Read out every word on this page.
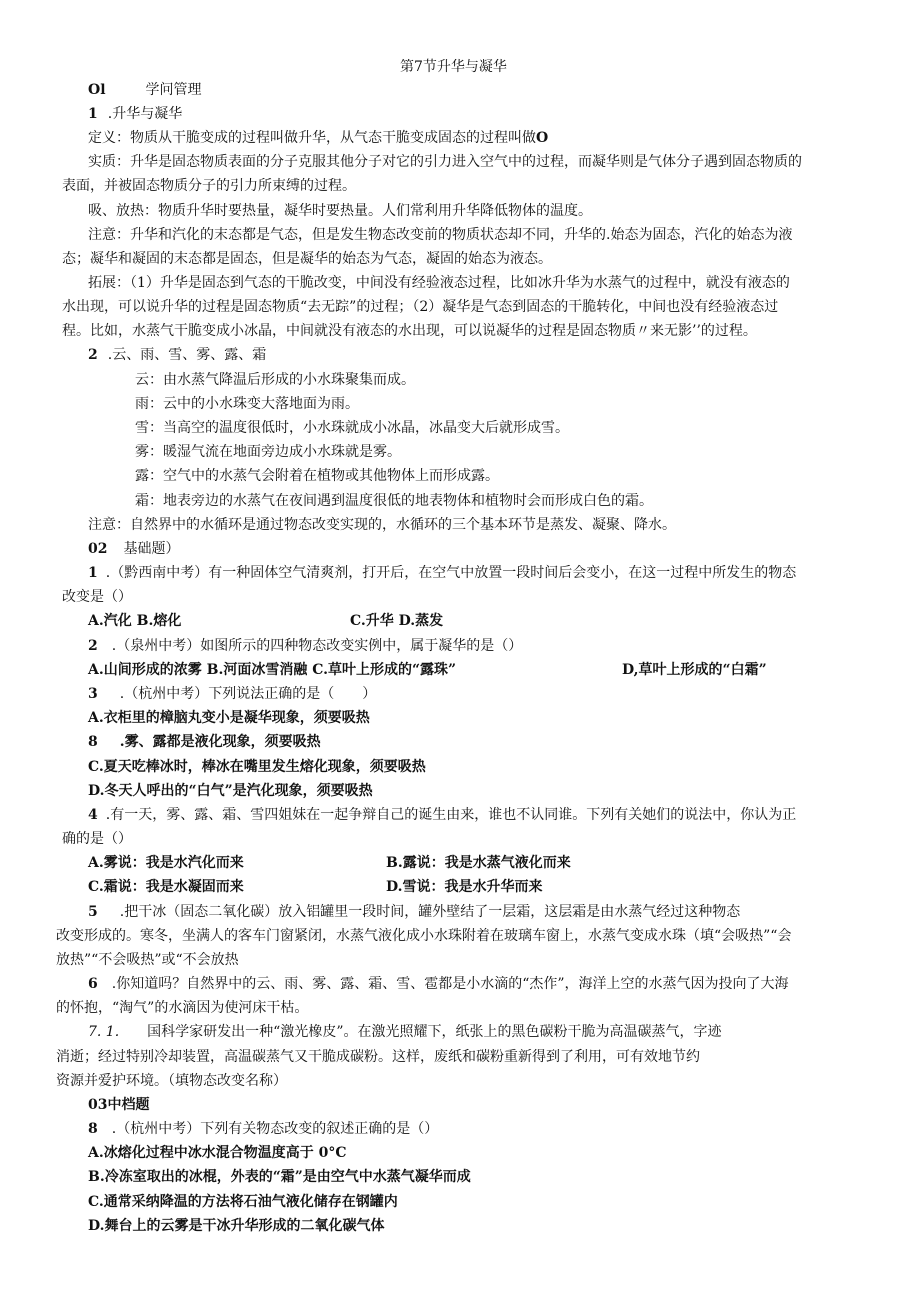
第7节升华与凝华
Ol	学问管理
1 .升华与凝华
定义：物质从干脆变成的过程叫做升华，从气态干脆变成固态的过程叫做O
实质：升华是固态物质表面的分子克服其他分子对它的引力进入空气中的过程，而凝华则是气体分子遇到固态物质的
表面，并被固态物质分子的引力所束缚的过程。
吸、放热：物质升华时要热量，凝华时要热量。人们常利用升华降低物体的温度。
注意：升华和汽化的末态都是气态，但是发生物态改变前的物质状态却不同，升华的.始态为固态，汽化的始态为液
态；凝华和凝固的末态都是固态，但是凝华的始态为气态，凝固的始态为液态。
拓展：（1）升华是固态到气态的干脆改变，中间没有经验液态过程，比如冰升华为水蒸气的过程中，就没有液态的
水出现，可以说升华的过程是固态物质“去无踪”的过程；（2）凝华是气态到固态的干脆转化，中间也没有经验液态过
程。比如，水蒸气干脆变成小冰晶，中间就没有液态的水出现，可以说凝华的过程是固态物质〃来无影’’的过程。
2 .云、雨、雪、雾、露、霜
云：由水蒸气降温后形成的小水珠聚集而成。
雨：云中的小水珠变大落地面为雨。
雪：当高空的温度很低时，小水珠就成小冰晶，冰晶变大后就形成雪。
雾：暖湿气流在地面旁边成小水珠就是雾。
露：空气中的水蒸气会附着在植物或其他物体上而形成露。
霜：地表旁边的水蒸气在夜间遇到温度很低的地表物体和植物时会而形成白色的霜。
注意：自然界中的水循环是通过物态改变实现的，水循环的三个基本环节是蒸发、凝聚、降水。
02 基础题）
1 .（黔西南中考）有一种固体空气清爽剂，打开后，在空气中放置一段时间后会变小，在这一过程中所发生的物态
改变是（）
A.汽化 B.熔化	C.升华 D.蒸发
2 .（泉州中考）如图所示的四种物态改变实例中，属于凝华的是（）
A.山间形成的浓雾 B.河面冰雪消融 C.草叶上形成的“露珠”	D,草叶上形成的“白霜”
3 .（杭州中考）下列说法正确的是（　　）
A.衣柜里的樟脑丸变小是凝华现象，须要吸热
8 .雾、露都是液化现象，须要吸热
C.夏天吃棒冰时，棒冰在嘴里发生熔化现象，须要吸热
D.冬天人呼出的“白气”是汽化现象，须要吸热
4 .有一天，雾、露、霜、雪四姐妹在一起争辩自己的诞生由来，谁也不认同谁。下列有关她们的说法中，你认为正
确的是（）
A.雾说：我是水汽化而来	B.露说：我是水蒸气液化而来
C.霜说：我是水凝固而来	D.雪说：我是水升华而来
5 .把干冰（固态二氧化碳）放入铝罐里一段时间，罐外壁结了一层霜，这层霜是由水蒸气经过这种物态
改变形成的。寒冬，坐满人的客车门窗紧闭，水蒸气液化成小水珠附着在玻璃车窗上，水蒸气变成水珠（填“会吸热”“会
放热”“不会吸热”或“不会放热
6 .你知道吗？自然界中的云、雨、雾、露、霜、雪、雹都是小水滴的“杰作”，海洋上空的水蒸气因为投向了大海
的怀抱，“淘气”的水滴因为使河床干枯。
7. 1. 国科学家研发出一种“激光橡皮”。在激光照耀下，纸张上的黑色碳粉干脆为高温碳蒸气，字迹
消逝；经过特别冷却装置，高温碳蒸气又干脆成碳粉。这样，废纸和碳粉重新得到了利用，可有效地节约
资源并爱护环境。（填物态改变名称）
03中档题
8 .（杭州中考）下列有关物态改变的叙述正确的是（）
A.冰熔化过程中冰水混合物温度高于 0°C
B.冷冻室取出的冰棍，外表的“霜”是由空气中水蒸气凝华而成
C.通常采纳降温的方法将石油气液化储存在钢罐内
D.舞台上的云雾是干冰升华形成的二氧化碳气体
